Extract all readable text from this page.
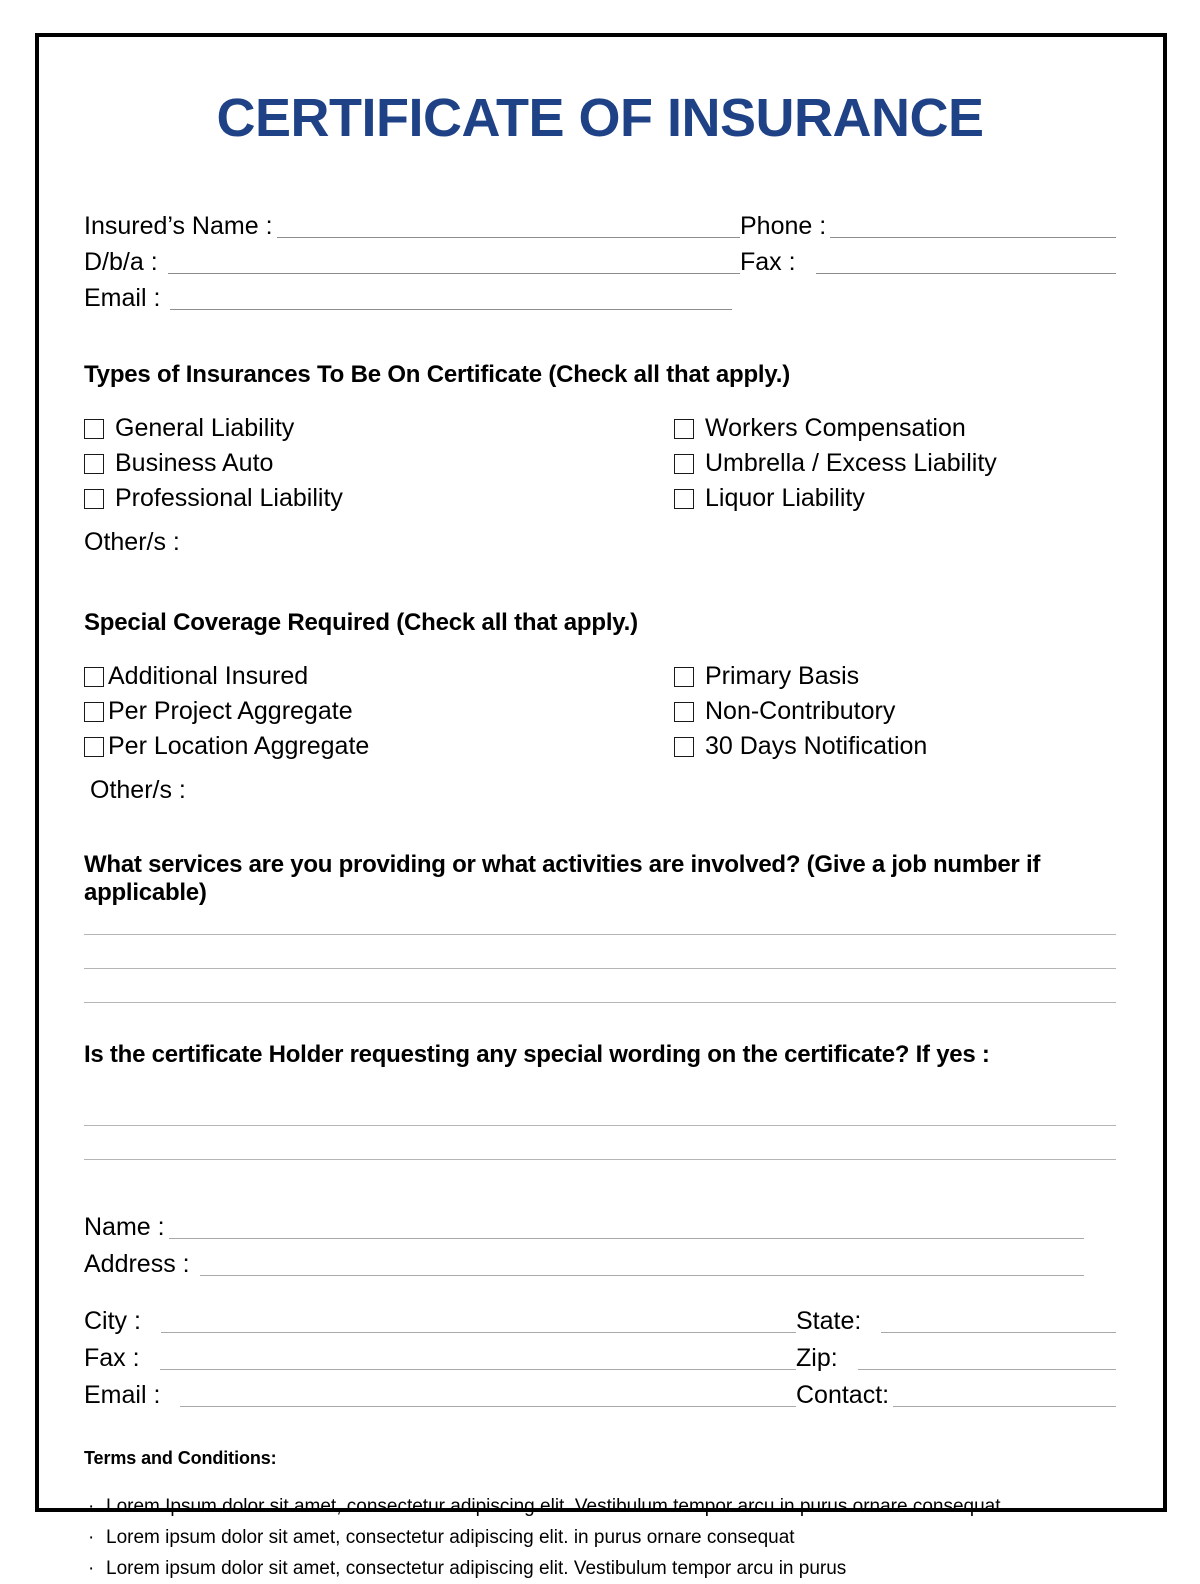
CERTIFICATE OF INSURANCE
Insured’s Name :	Phone :
D/b/a :	Fax :
Email :
Types of Insurances To Be On Certificate (Check all that apply.)
General Liability
Business Auto
Professional Liability
Workers Compensation
Umbrella / Excess Liability
Liquor Liability
Other/s :
Special Coverage Required (Check all that apply.)
Additional Insured
Per Project Aggregate
Per Location Aggregate
Primary Basis
Non-Contributory
30 Days Notification
Other/s :
What services are you providing or what activities are involved? (Give a job number if applicable)
Is the certificate Holder requesting any special wording on the certificate? If yes :
Name :
Address :
City :	State:
Fax :	Zip:
Email :	Contact:
Terms and Conditions:
· Lorem Ipsum dolor sit amet, consectetur adipiscing elit. Vestibulum tempor arcu in purus ornare consequat.
· Lorem ipsum dolor sit amet, consectetur adipiscing elit. in purus ornare consequat
· Lorem ipsum dolor sit amet, consectetur adipiscing elit. Vestibulum tempor arcu in purus
